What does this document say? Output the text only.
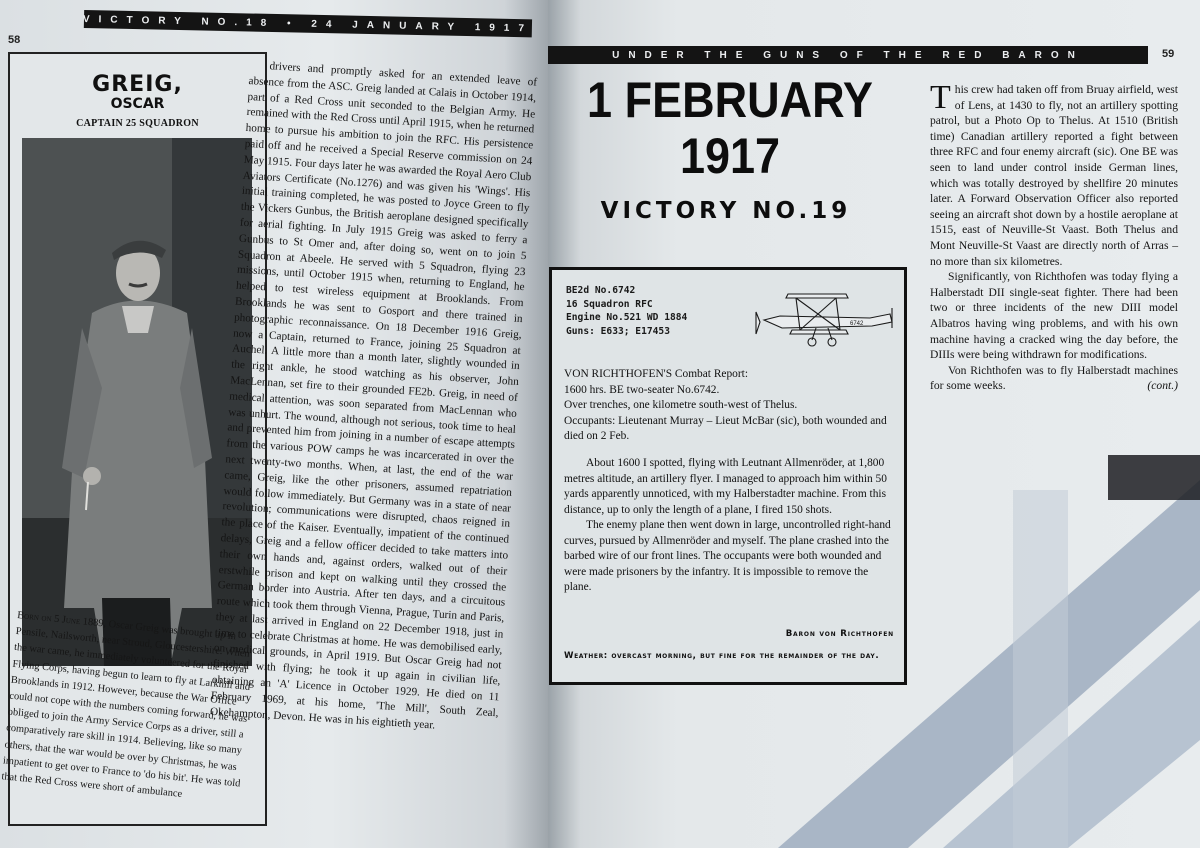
58
GREIG,
OSCAR
CAPTAIN 25 SQUADRON
Born on 5 June 1889, Oscar Greig was brought up in Pensile, Nailsworth, near Stroud, Gloucestershire. When the war came, he immediately volunteered for the Royal Flying Corps, having begun to learn to fly at Larkhill and Brooklands in 1912. However, because the War Office could not cope with the numbers coming forward, he was obliged to join the Army Service Corps as a driver, still a comparatively rare skill in 1914. Believing, like so many others, that the war would be over by Christmas, he was impatient to get over to France to 'do his bit'. He was told that the Red Cross were short of ambulance
drivers and promptly asked for an extended leave of absence from the ASC. Greig landed at Calais in October 1914, part of a Red Cross unit seconded to the Belgian Army. He remained with the Red Cross until April 1915, when he returned home to pursue his ambition to join the RFC. His persistence paid off and he received a Special Reserve commission on 24 May 1915. Four days later he was awarded the Royal Aero Club Aviators Certificate (No.1276) and was given his 'Wings'. His initial training completed, he was posted to Joyce Green to fly the Vickers Gunbus, the British aeroplane designed specifically for aerial fighting. In July 1915 Greig was asked to ferry a Gunbus to St Omer and, after doing so, went on to join 5 Squadron at Abeele. He served with 5 Squadron, flying 23 missions, until October 1915 when, returning to England, he helped to test wireless equipment at Brooklands. From Brooklands he was sent to Gosport and there trained in photographic reconnaissance. On 18 December 1916 Greig, now a Captain, returned to France, joining 25 Squadron at Auchel. A little more than a month later, slightly wounded in the right ankle, he stood watching as his observer, John MacLennan, set fire to their grounded FE2b. Greig, in need of medical attention, was soon separated from MacLennan who was unhurt. The wound, although not serious, took time to heal and prevented him from joining in a number of escape attempts from the various POW camps he was incarcerated in over the next twenty-two months. When, at last, the end of the war came, Greig, like the other prisoners, assumed repatriation would follow immediately. But Germany was in a state of near revolution; communications were disrupted, chaos reigned in the place of the Kaiser. Eventually, impatient of the continued delays, Greig and a fellow officer decided to take matters into their own hands and, against orders, walked out of their erstwhile prison and kept on walking until they crossed the German border into Austria. After ten days, and a circuitous route which took them through Vienna, Prague, Turin and Paris, they at last arrived in England on 22 December 1918, just in time to celebrate Christmas at home. He was demobilised early, on medical grounds, in April 1919. But Oscar Greig had not finished with flying; he took it up again in civilian life, obtaining an 'A' Licence in October 1929. He died on 11 February 1969, at his home, 'The Mill', South Zeal, Okehampton, Devon. He was in his eightieth year.
VICTORY NO.18 • 24 JANUARY 1917
UNDER THE GUNS OF THE RED BARON	59
1 FEBRUARY
1917
VICTORY NO.19
BE2d No.6742
16 Squadron RFC
Engine No.521 WD 1884
Guns: E633; E17453
6742
VON RICHTHOFEN'S Combat Report:
1600 hrs. BE two-seater No.6742.
Over trenches, one kilometre south-west of Thelus.
Occupants: Lieutenant Murray – Lieut McBar (sic), both wounded and died on 2 Feb.

About 1600 I spotted, flying with Leutnant Allmenröder, at 1,800 metres altitude, an artillery flyer. I managed to approach him within 50 yards apparently unnoticed, with my Halberstadter machine. From this distance, up to only the length of a plane, I fired 150 shots.

The enemy plane then went down in large, uncontrolled right-hand curves, pursued by Allmenröder and myself. The plane crashed into the barbed wire of our front lines. The occupants were both wounded and were made prisoners by the infantry. It is impossible to remove the plane.

Baron von Richthofen
Weather: overcast morning, but fine for the remainder of the day.

This crew had taken off from Bruay airfield, west of Lens, at 1430 to fly, not an artillery spotting patrol, but a Photo Op to Thelus. At 1510 (British time) Canadian artillery reported a fight between three RFC and four enemy aircraft (sic). One BE was seen to land under control inside German lines, which was totally destroyed by shellfire 20 minutes later. A Forward Observation Officer also reported seeing an aircraft shot down by a hostile aeroplane at 1515, east of Neuville-St Vaast. Both Thelus and Mont Neuville-St Vaast are directly north of Arras – no more than six kilometres.

Significantly, von Richthofen was today flying a Halberstadt DII single-seat fighter. There had been two or three incidents of the new DIII model Albatros having wing problems, and with his own machine having a cracked wing the day before, the DIIIs were being withdrawn for modifications.

Von Richthofen was to fly Halberstadt machines for some weeks.	(cont.)
